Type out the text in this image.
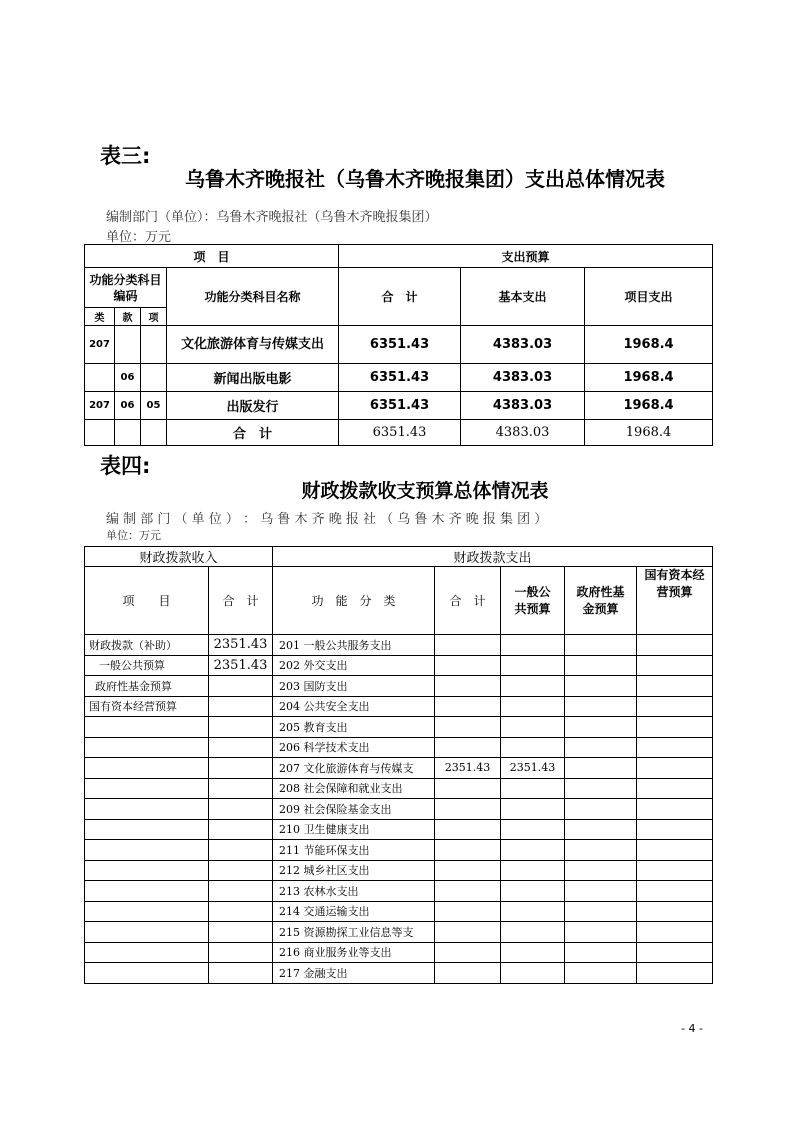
表三:
乌鲁木齐晚报社（乌鲁木齐晚报集团）支出总体情况表
编制部门（单位）：乌鲁木齐晚报社（乌鲁木齐晚报集团）
单位：万元
项　目				支出预算		
功能分类科目编码			功能分类科目名称	合　计	基本支出	项目支出
类	款	项				
207			文化旅游体育与传媒支出	6351.43	4383.03	1968.4
	06		新闻出版电影	6351.43	4383.03	1968.4
207	06	05	出版发行	6351.43	4383.03	1968.4
			合　计	6351.43	4383.03	1968.4
表四:
财政拨款收支预算总体情况表
编 制 部 门 （ 单 位 ） ： 乌 鲁 木 齐 晚 报 社 （ 乌 鲁 木 齐 晚 报 集 团 ）
单位：万元
财政拨款收入		财政拨款支出				
项　　目	合　计	功　能　分　类	合　计	一般公共预算	政府性基金预算	国有资本经营预算
财政拨款（补助）	2351.43	201 一般公共服务支出				
一般公共预算	2351.43	202 外交支出				
政府性基金预算		203 国防支出				
国有资本经营预算		204 公共安全支出				
		205 教育支出				
		206 科学技术支出				
		207 文化旅游体育与传媒支	2351.43	2351.43		
		208 社会保障和就业支出				
		209 社会保险基金支出				
		210 卫生健康支出				
		211 节能环保支出				
		212 城乡社区支出				
		213 农林水支出				
		214 交通运输支出				
		215 资源勘探工业信息等支				
		216 商业服务业等支出				
		217 金融支出				
- 4 -
